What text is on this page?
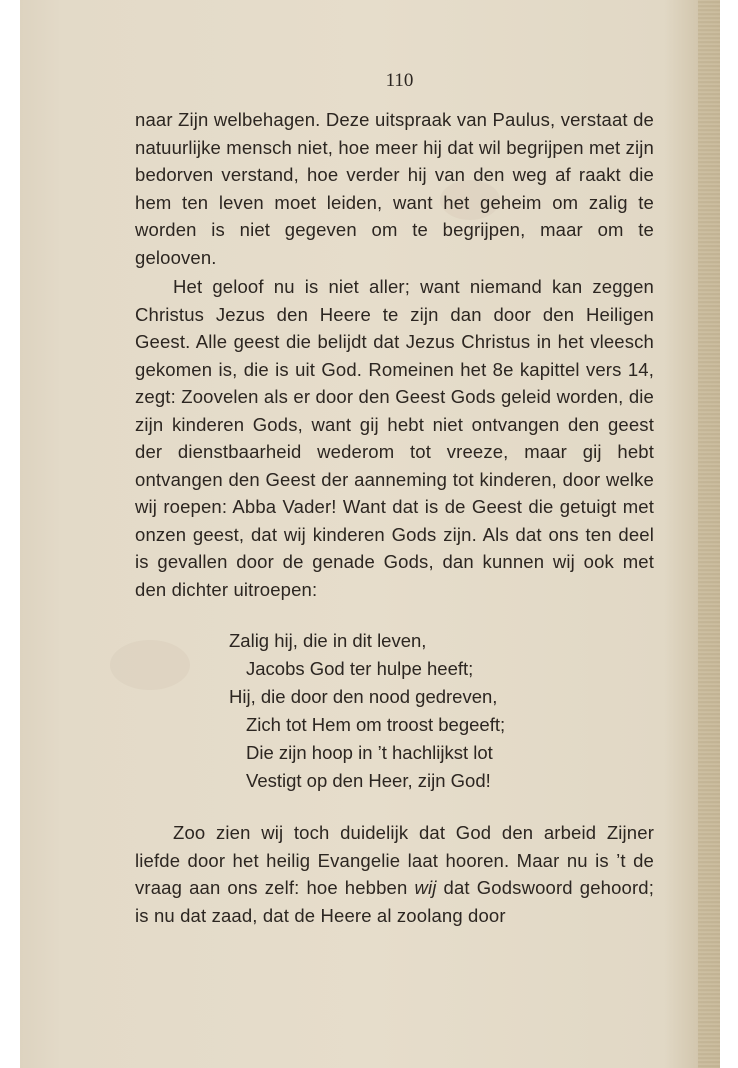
110

naar Zijn welbehagen. Deze uitspraak van Paulus, verstaat de natuurlijke mensch niet, hoe meer hij dat wil begrijpen met zijn bedorven verstand, hoe verder hij van den weg af raakt die hem ten leven moet leiden, want het geheim om zalig te worden is niet gegeven om te begrijpen, maar om te gelooven.

Het geloof nu is niet aller; want niemand kan zeggen Christus Jezus den Heere te zijn dan door den Heiligen Geest. Alle geest die belijdt dat Jezus Christus in het vleesch gekomen is, die is uit God. Romeinen het 8e kapittel vers 14, zegt: Zoovelen als er door den Geest Gods geleid worden, die zijn kinderen Gods, want gij hebt niet ontvangen den geest der dienstbaarheid wederom tot vreeze, maar gij hebt ontvangen den Geest der aanneming tot kinderen, door welke wij roepen: Abba Vader! Want dat is de Geest die getuigt met onzen geest, dat wij kinderen Gods zijn. Als dat ons ten deel is gevallen door de genade Gods, dan kunnen wij ook met den dichter uitroepen:

Zalig hij, die in dit leven,
Jacobs God ter hulpe heeft;
Hij, die door den nood gedreven,
Zich tot Hem om troost begeeft;
Die zijn hoop in ’t hachlijkst lot
Vestigt op den Heer, zijn God!

Zoo zien wij toch duidelijk dat God den arbeid Zijner liefde door het heilig Evangelie laat hooren. Maar nu is ’t de vraag aan ons zelf: hoe hebben wij dat Godswoord gehoord; is nu dat zaad, dat de Heere al zoolang door
